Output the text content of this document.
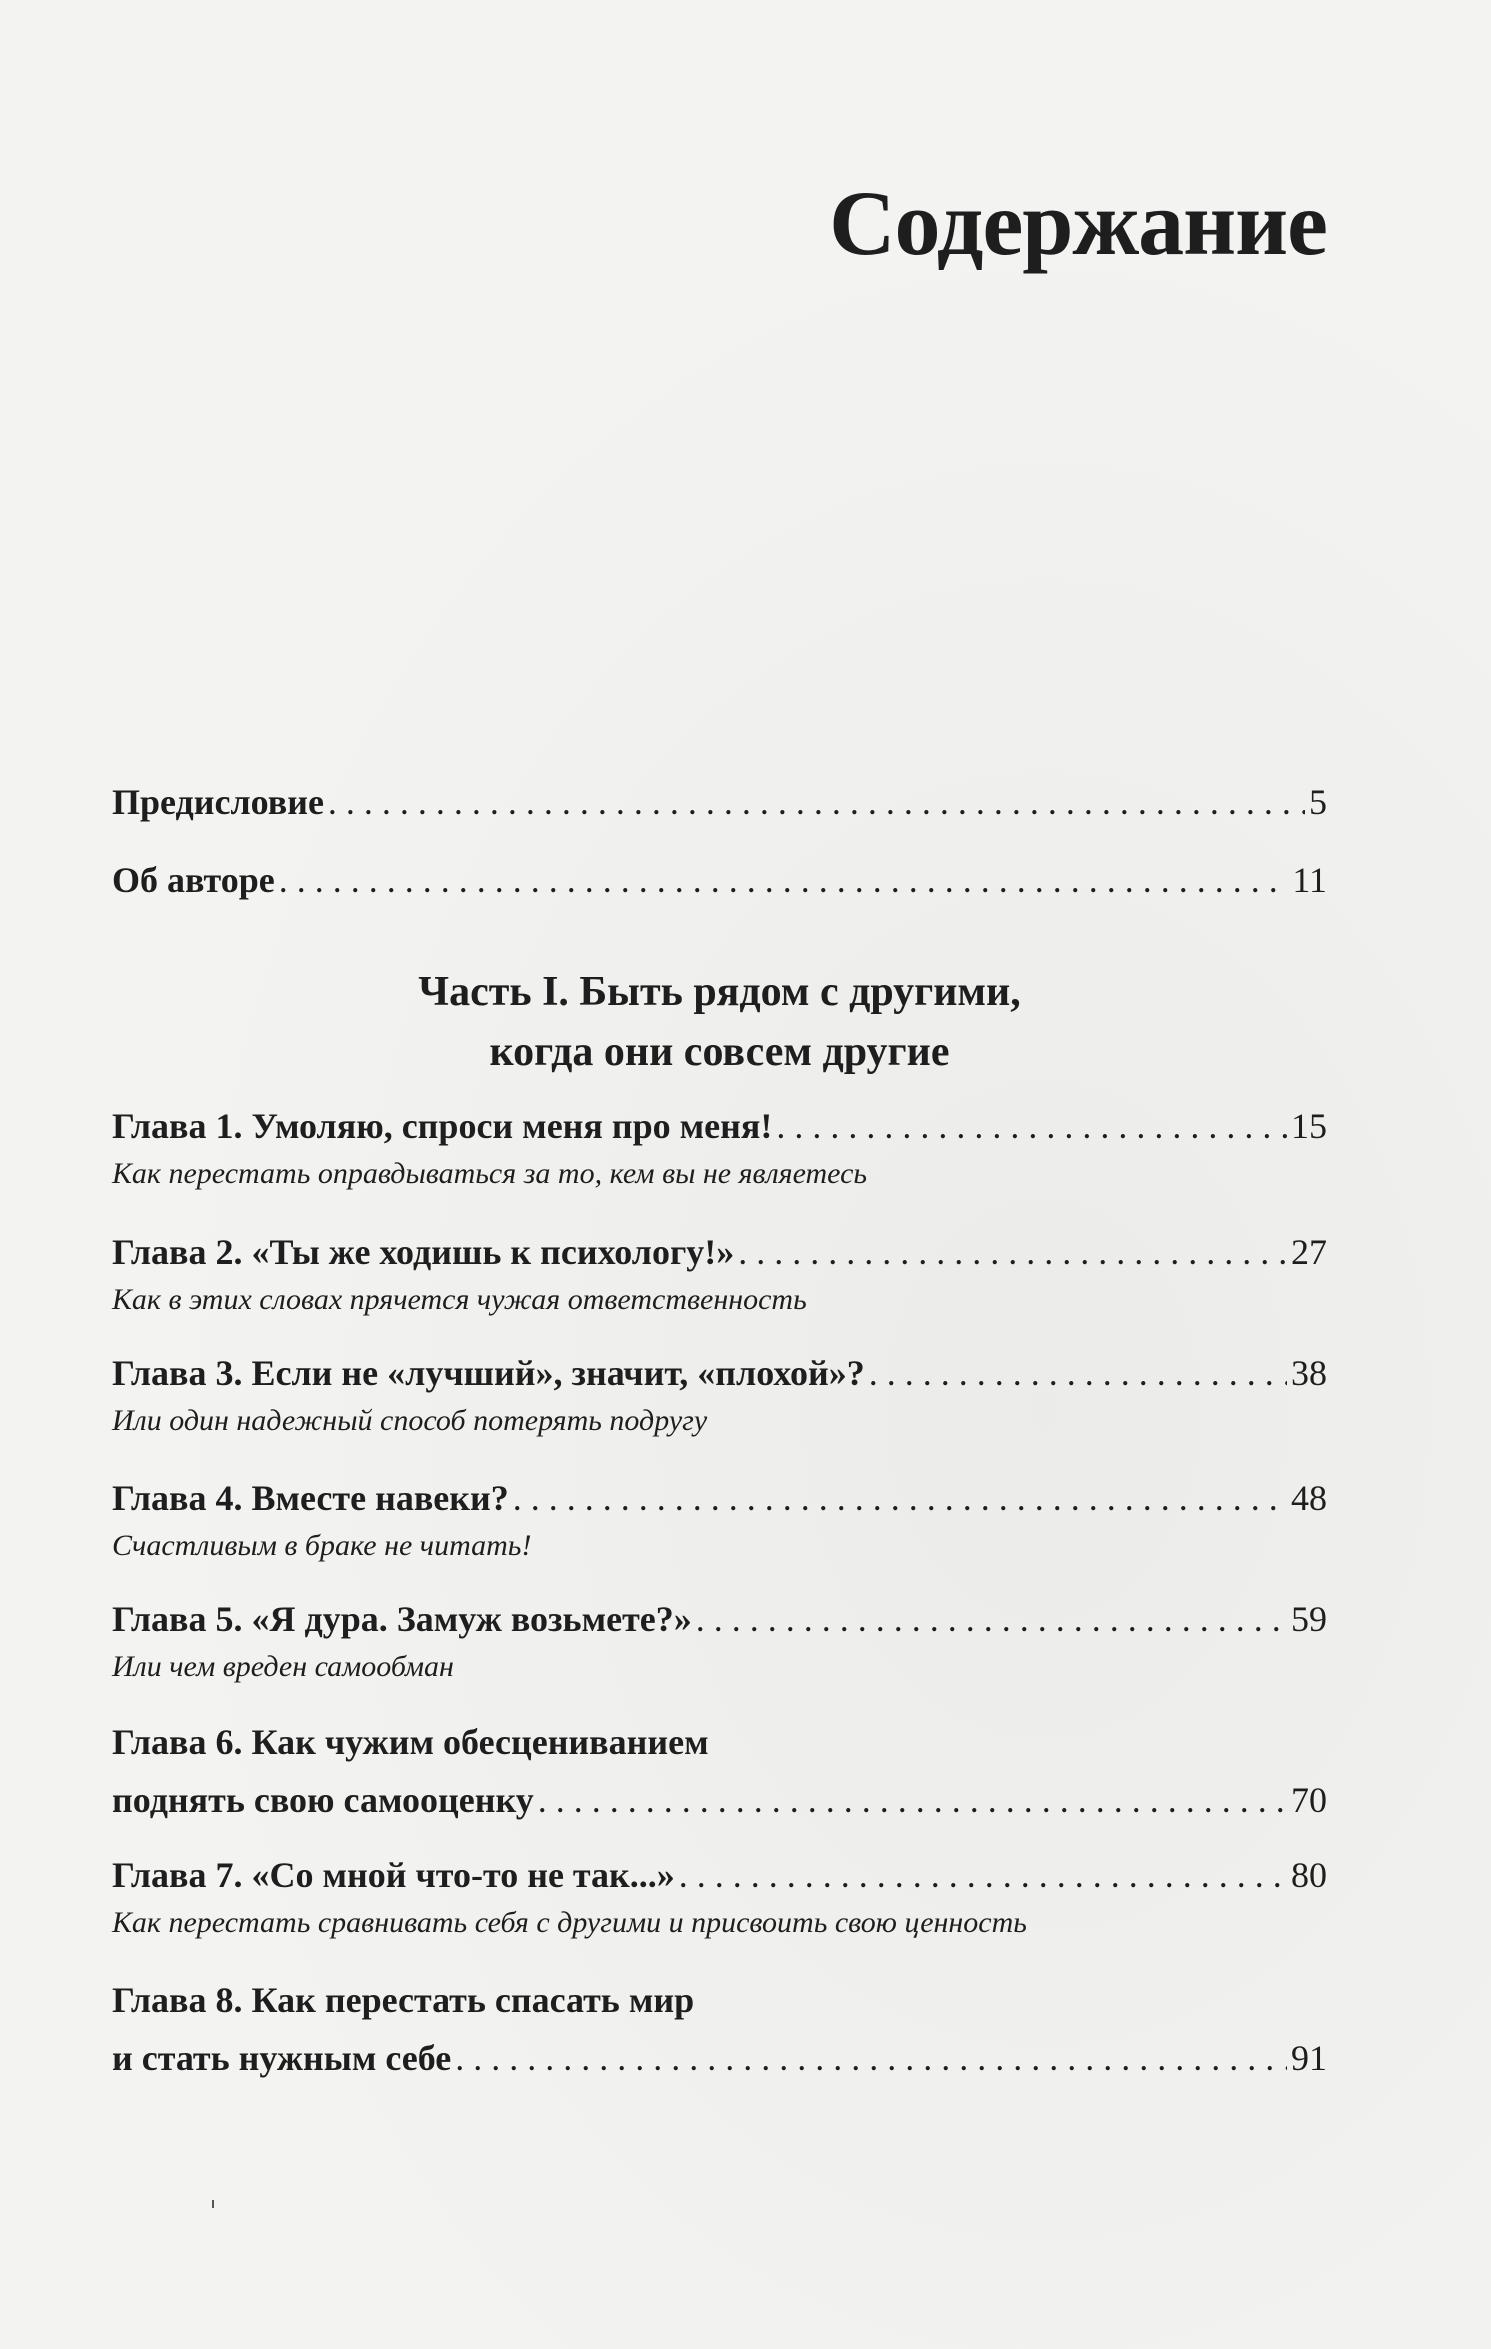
Содержание
Предисловие . . .	5
Об авторе . . .	11
Часть I. Быть рядом с другими,
когда они совсем другие
Глава 1. Умоляю, спроси меня про меня! . . .	15
Как перестать оправдываться за то, кем вы не являетесь
Глава 2. «Ты же ходишь к психологу!» . . .	27
Как в этих словах прячется чужая ответственность
Глава 3. Если не «лучший», значит, «плохой»? . . .	38
Или один надежный способ потерять подругу
Глава 4. Вместе навеки? . . .	48
Счастливым в браке не читать!
Глава 5. «Я дура. Замуж возьмете?» . . .	59
Или чем вреден самообман
Глава 6. Как чужим обесцениванием
поднять свою самооценку . . .	70
Глава 7. «Со мной что-то не так...» . . .	80
Как перестать сравнивать себя с другими и присвоить свою ценность
Глава 8. Как перестать спасать мир
и стать нужным себе . . .	91
